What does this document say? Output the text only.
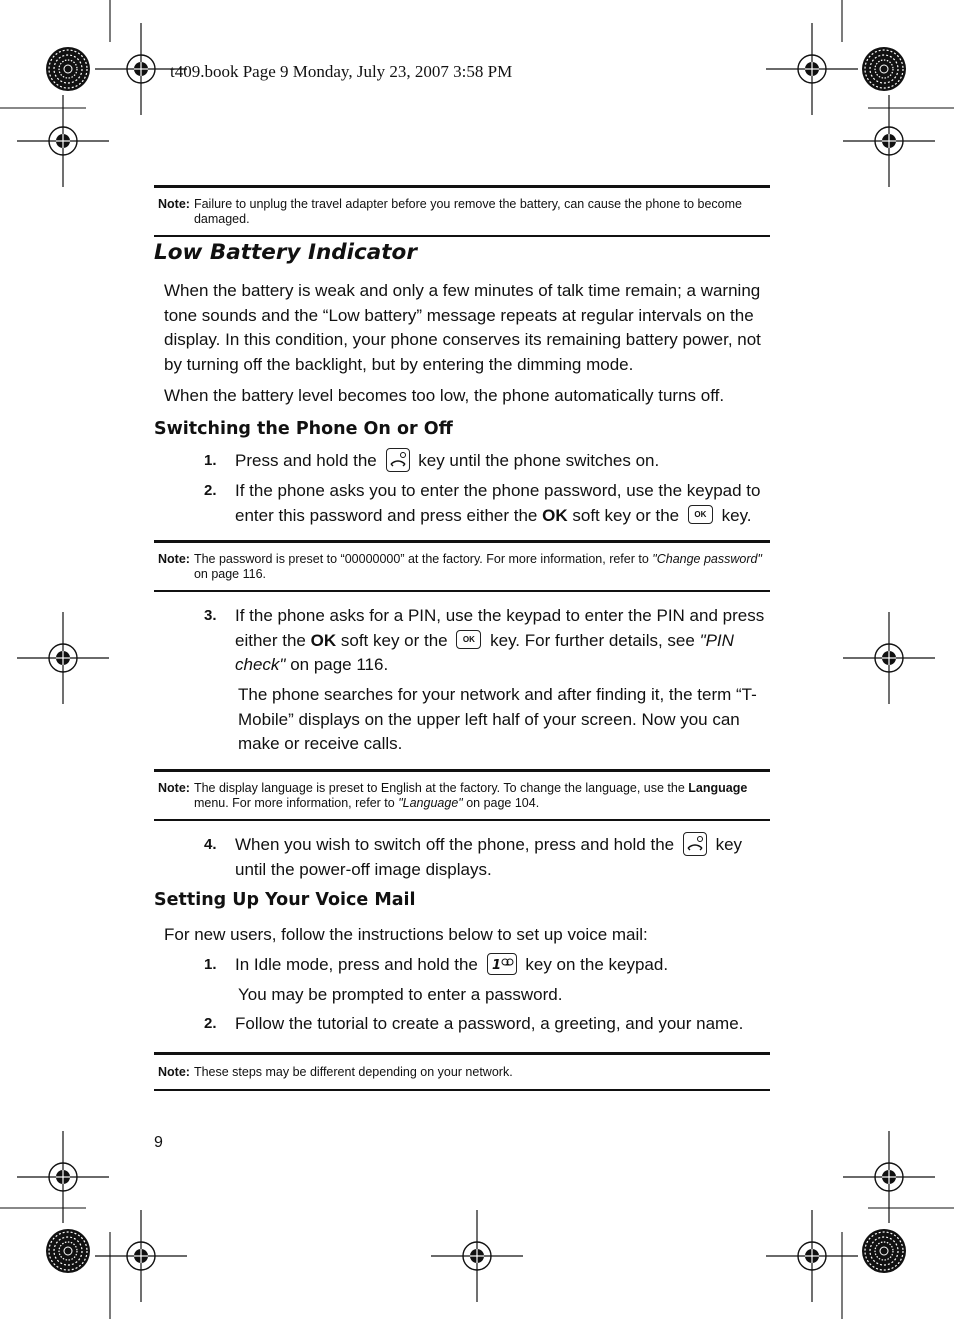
t409.book Page 9 Monday, July 23, 2007 3:58 PM
Note: Failure to unplug the travel adapter before you remove the battery, can cause the phone to become damaged.
Low Battery Indicator
When the battery is weak and only a few minutes of talk time remain; a warning tone sounds and the “Low battery” message repeats at regular intervals on the display. In this condition, your phone conserves its remaining battery power, not by turning off the backlight, but by entering the dimming mode.
When the battery level becomes too low, the phone automatically turns off.
Switching the Phone On or Off
1.	Press and hold the key until the phone switches on.
2.	If the phone asks you to enter the phone password, use the keypad to enter this password and press either the OK soft key or the OK key.
Note: The password is preset to “00000000” at the factory. For more information, refer to "Change password" on page 116.
3.	If the phone asks for a PIN, use the keypad to enter the PIN and press either the OK soft key or the OK key. For further details, see "PIN check" on page 116.
The phone searches for your network and after finding it, the term “T-Mobile” displays on the upper left half of your screen. Now you can make or receive calls.
Note: The display language is preset to English at the factory. To change the language, use the Language menu. For more information, refer to "Language" on page 104.
4.	When you wish to switch off the phone, press and hold the key until the power-off image displays.
Setting Up Your Voice Mail
For new users, follow the instructions below to set up voice mail:
1.	In Idle mode, press and hold the 1 key on the keypad.
You may be prompted to enter a password.
2.	Follow the tutorial to create a password, a greeting, and your name.
Note: These steps may be different depending on your network.
9
